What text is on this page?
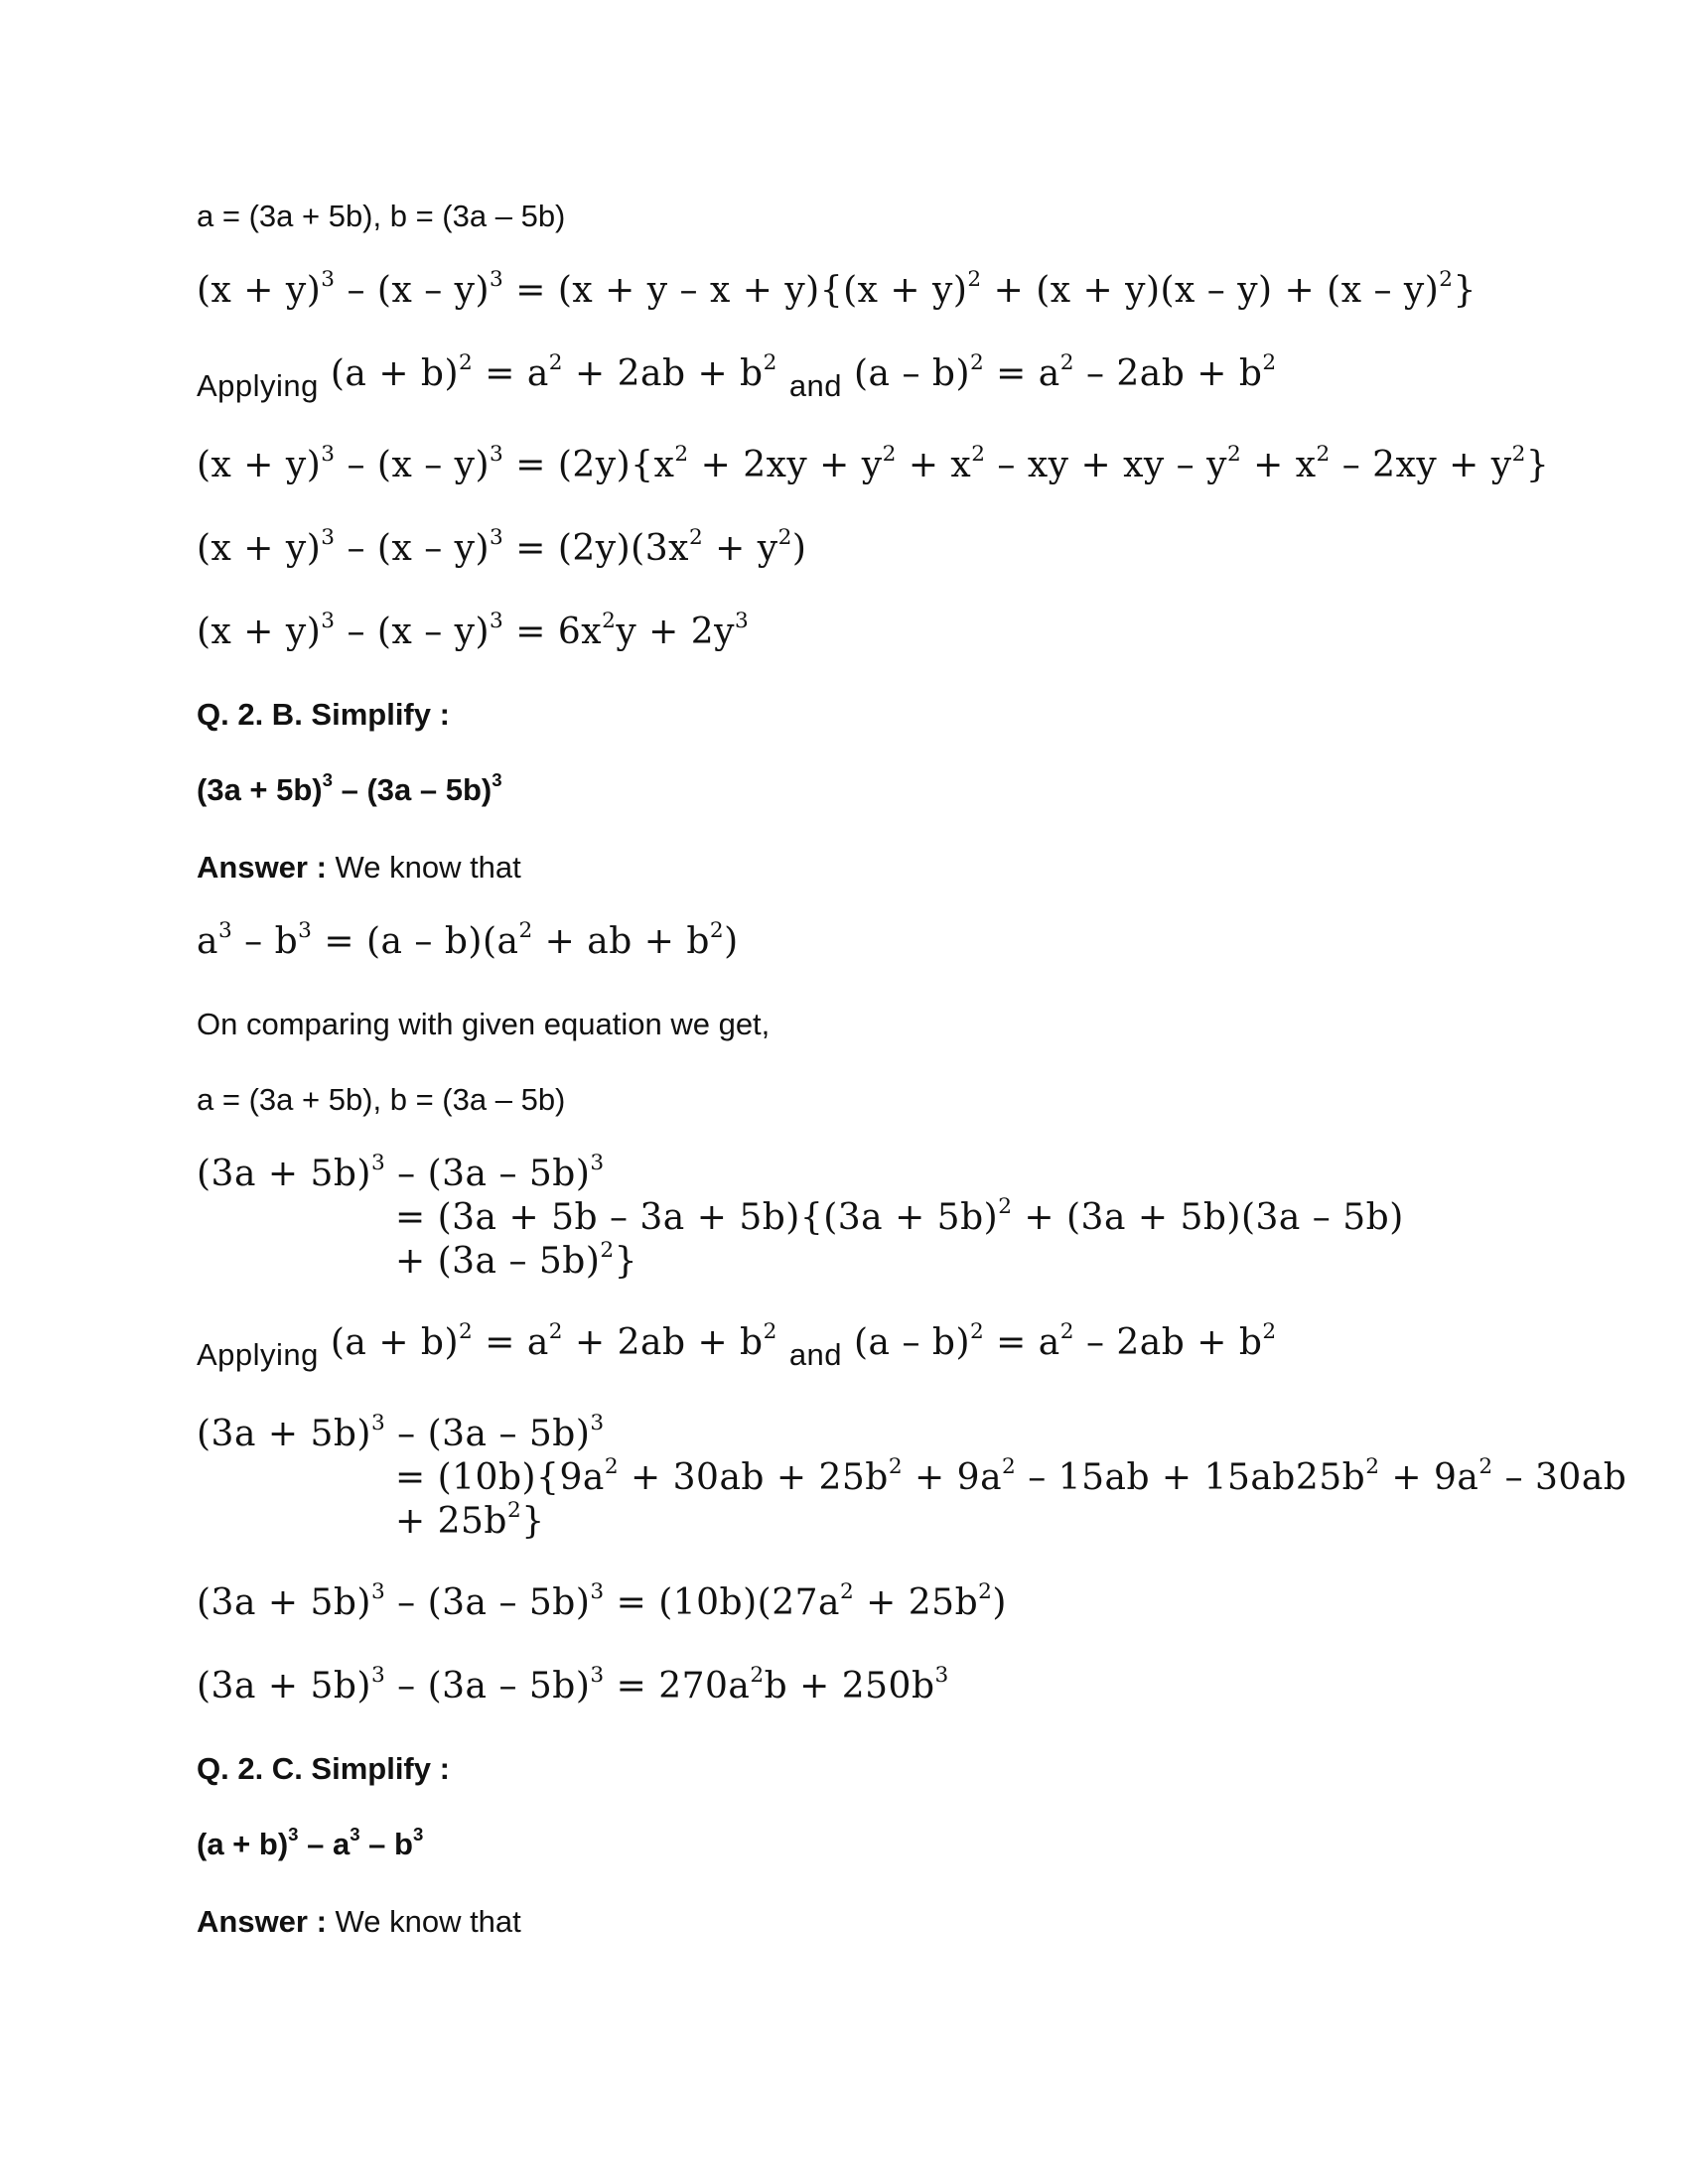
a = (3a + 5b), b = (3a – 5b)
$(x + y)^3 - (x - y)^3 = (x + y - x + y)\{(x + y)^2 + (x + y)(x - y) + (x - y)^2\}$
Applying $(a + b)^2 = a^2 + 2ab + b^2$ and $(a - b)^2 = a^2 - 2ab + b^2$
$(x + y)^3 - (x - y)^3 = (2y)\{x^2 + 2xy + y^2 + x^2$ – xy + xy – $y^2 + x^2 - 2xy + y^2$}
$(x + y)^3 - (x - y)^3 = (2y)(3x^2 + y^2)$
$(x + y)^3 - (x - y)^3 = 6x^2y + 2y^3$
Q. 2. B. Simplify :
$(3a + 5b)^3 - (3a - 5b)^3$
Answer : We know that
$a^3 - b^3 = (a - b)(a^2$ + ab + $b^2$)
On comparing with given equation we get,
a = (3a + 5b), b = (3a – 5b)
$(3a + 5b)^3 - (3a - 5b)^3$
= $(3a + 5b - 3a + 5b)\{(3a + 5b)^2 + (3a + 5b)(3a - 5b)$
+ (3a – 5b)$^2$}
Applying $(a + b)^2 = a^2 + 2ab + b^2$ and $(a - b)^2 = a^2 - 2ab + b^2$
$(3a + 5b)^3 - (3a - 5b)^3$
= $(10b)\{9a^2 + 30ab + 25b^2 + 9a^2 - 15ab + 15ab25b^2 + 9a^2 - 30ab$
+ $25b^2$}
$(3a + 5b)^3 - (3a - 5b)^3 = (10b)(27a^2 + 25b^2)$
$(3a + 5b)^3 - (3a - 5b)^3 = 270a^2b + 250b^3$
Q. 2. C. Simplify :
$(a + b)^3 - a^3 - b^3$
Answer : We know that
